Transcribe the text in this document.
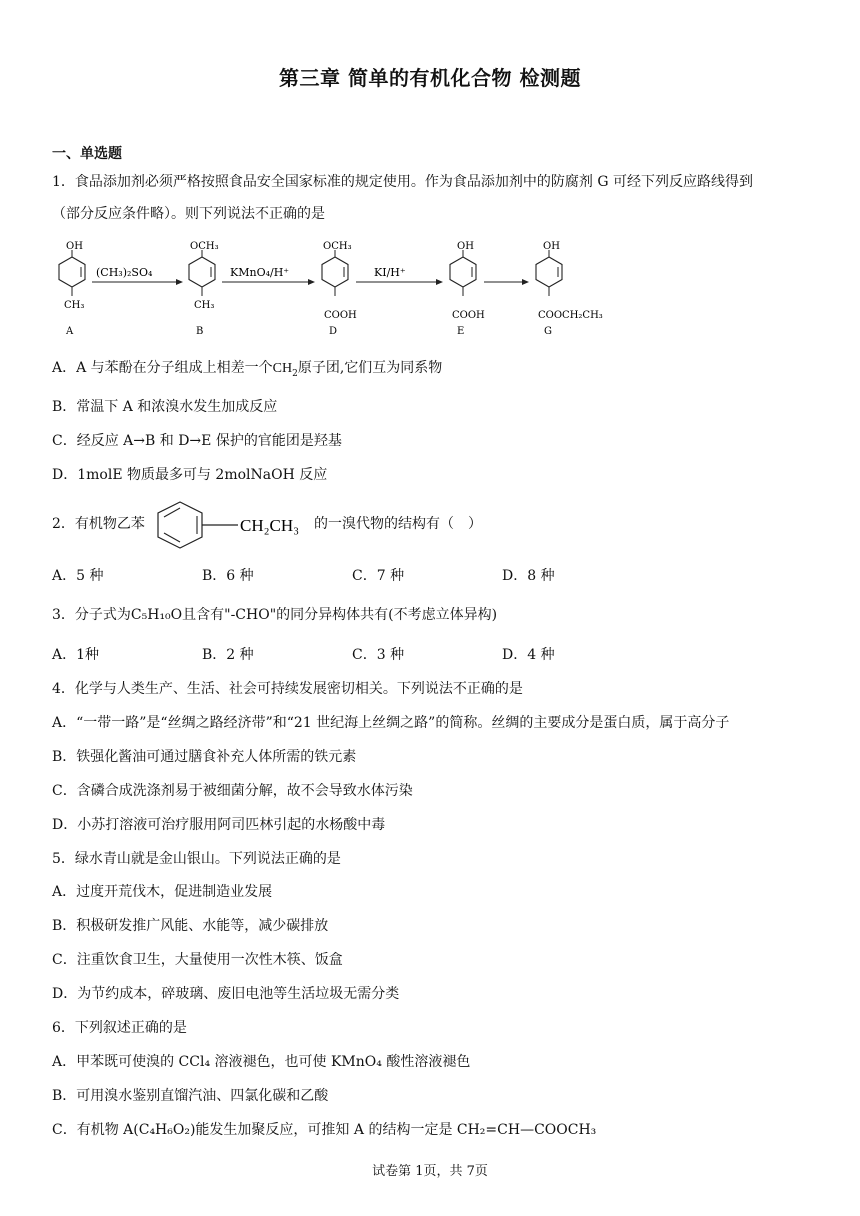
第三章 简单的有机化合物 检测题
一、单选题
1．食品添加剂必须严格按照食品安全国家标准的规定使用。作为食品添加剂中的防腐剂 G 可经下列反应路线得到
（部分反应条件略）。则下列说法不正确的是
OH
CH₃
A
(CH₃)₂SO₄
OCH₃
CH₃
B
KMnO₄/H⁺
OCH₃
COOH
D
KI/H⁺
OH
COOH
E
OH
COOCH₂CH₃
G
A．A 与苯酚在分子组成上相差一个$CH_2$原子团,它们互为同系物
B．常温下 A 和浓溴水发生加成反应
C．经反应 A→B 和 D→E 保护的官能团是羟基
D．1molE 物质最多可与 2molNaOH 反应
2．有机物乙苯	CH₂CH₃ 的一溴代物的结构有（　）
A．5 种	B．6 种	C．7 种	D．8 种
3．分子式为C₅H₁₀O且含有"-CHO"的同分异构体共有(不考虑立体异构)
A．1种	B．2 种	C．3 种	D．4 种
4．化学与人类生产、生活、社会可持续发展密切相关。下列说法不正确的是
A．“一带一路”是“丝绸之路经济带”和“21 世纪海上丝绸之路”的简称。丝绸的主要成分是蛋白质，属于高分子
B．铁强化酱油可通过膳食补充人体所需的铁元素
C．含磷合成洗涤剂易于被细菌分解，故不会导致水体污染
D．小苏打溶液可治疗服用阿司匹林引起的水杨酸中毒
5．绿水青山就是金山银山。下列说法正确的是
A．过度开荒伐木，促进制造业发展
B．积极研发推广风能、水能等，减少碳排放
C．注重饮食卫生，大量使用一次性木筷、饭盒
D．为节约成本，碎玻璃、废旧电池等生活垃圾无需分类
6．下列叙述正确的是
A．甲苯既可使溴的 CCl₄ 溶液褪色，也可使 KMnO₄ 酸性溶液褪色
B．可用溴水鉴别直馏汽油、四氯化碳和乙酸
C．有机物 A(C₄H₆O₂)能发生加聚反应，可推知 A 的结构一定是 CH₂=CH—COOCH₃
试卷第 1页，共 7页
